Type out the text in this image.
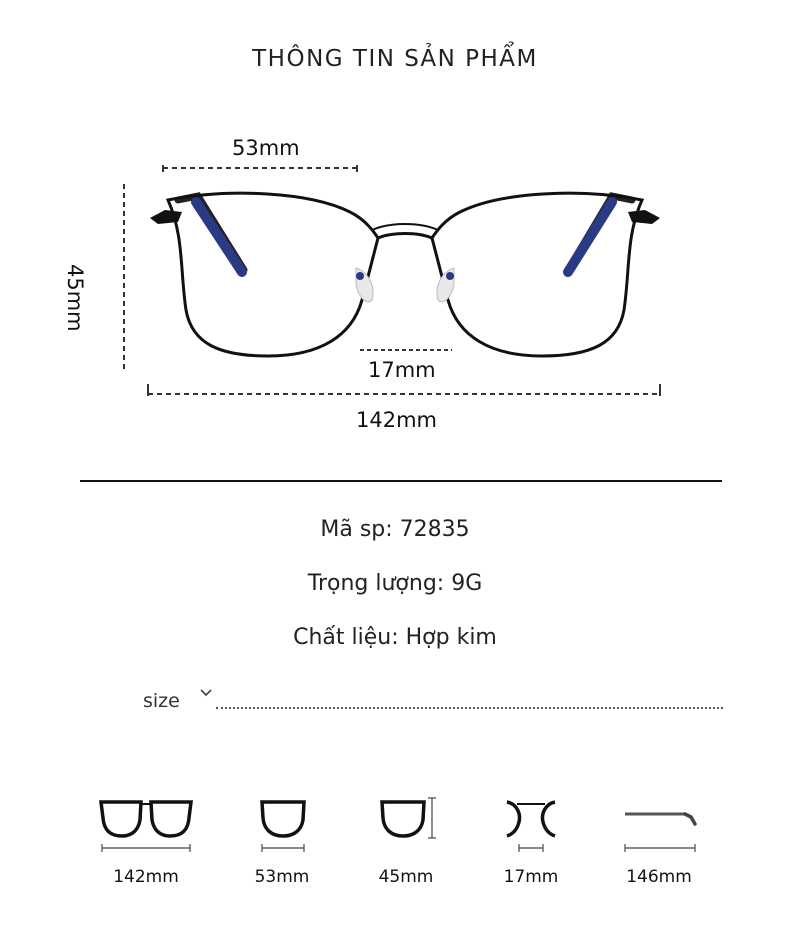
THÔNG TIN SẢN PHẨM
53mm
45mm
17mm
142mm
Mã sp: 72835
Trọng lượng: 9G
Chất liệu: Hợp kim
size
142mm	53mm	45mm	17mm	146mm
